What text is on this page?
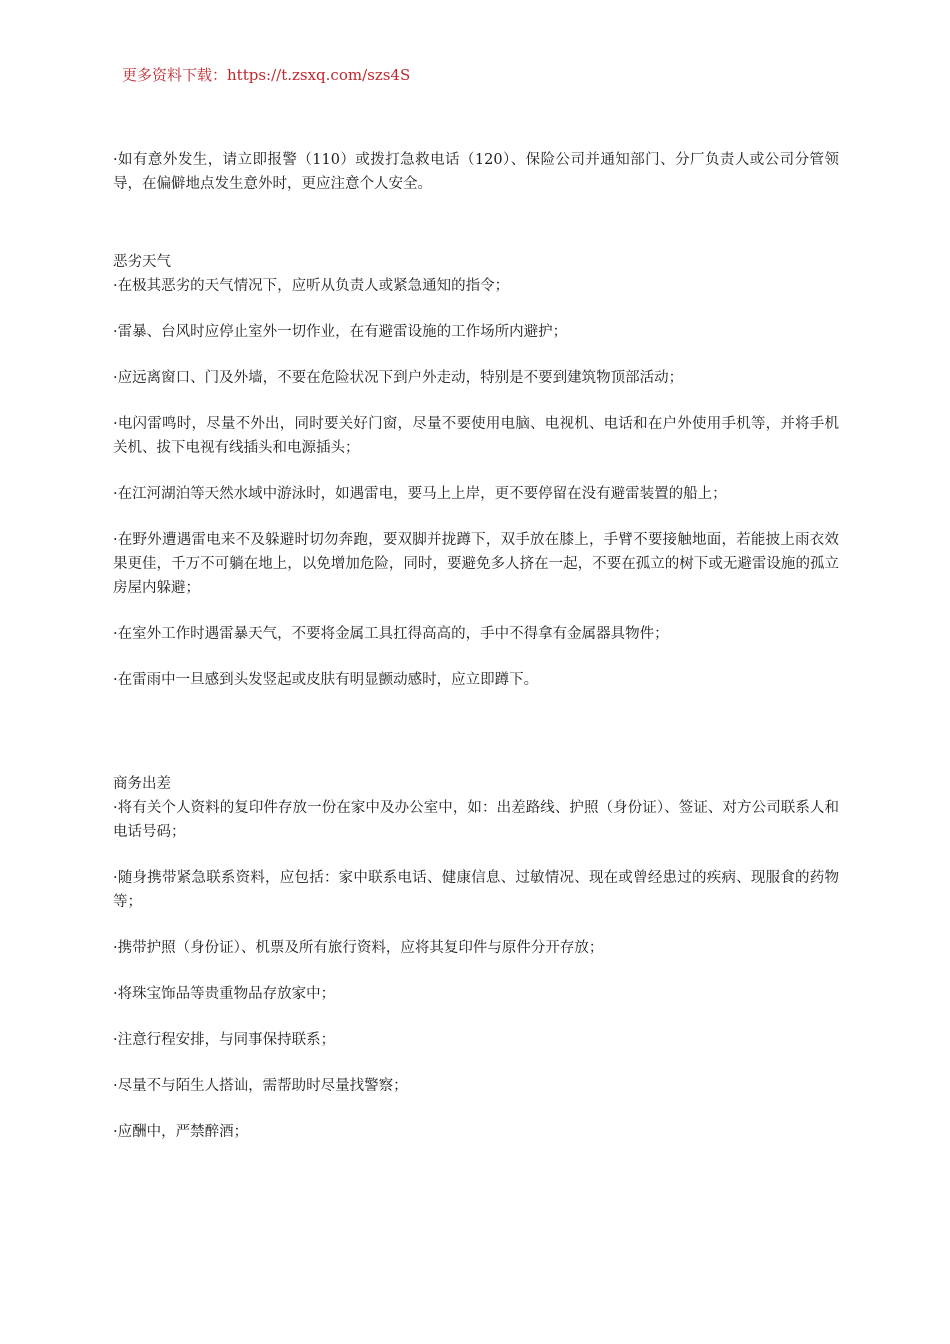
更多资料下载：https://t.zsxq.com/szs4S

·如有意外发生，请立即报警（110）或拨打急救电话（120）、保险公司并通知部门、分厂负责人或公司分管领导，在偏僻地点发生意外时，更应注意个人安全。

恶劣天气

·在极其恶劣的天气情况下，应听从负责人或紧急通知的指令；

·雷暴、台风时应停止室外一切作业，在有避雷设施的工作场所内避护；

·应远离窗口、门及外墙，不要在危险状况下到户外走动，特别是不要到建筑物顶部活动；

·电闪雷鸣时，尽量不外出，同时要关好门窗，尽量不要使用电脑、电视机、电话和在户外使用手机等，并将手机关机、拔下电视有线插头和电源插头；

·在江河湖泊等天然水域中游泳时，如遇雷电，要马上上岸，更不要停留在没有避雷装置的船上；

·在野外遭遇雷电来不及躲避时切勿奔跑，要双脚并拢蹲下，双手放在膝上，手臂不要接触地面，若能披上雨衣效果更佳，千万不可躺在地上，以免增加危险，同时，要避免多人挤在一起，不要在孤立的树下或无避雷设施的孤立房屋内躲避；

·在室外工作时遇雷暴天气，不要将金属工具扛得高高的，手中不得拿有金属器具物件；

·在雷雨中一旦感到头发竖起或皮肤有明显颤动感时，应立即蹲下。

商务出差

·将有关个人资料的复印件存放一份在家中及办公室中，如：出差路线、护照（身份证）、签证、对方公司联系人和电话号码；

·随身携带紧急联系资料，应包括：家中联系电话、健康信息、过敏情况、现在或曾经患过的疾病、现服食的药物等；

·携带护照（身份证）、机票及所有旅行资料，应将其复印件与原件分开存放；

·将珠宝饰品等贵重物品存放家中；

·注意行程安排，与同事保持联系；

·尽量不与陌生人搭讪，需帮助时尽量找警察；

·应酬中，严禁醉酒；
